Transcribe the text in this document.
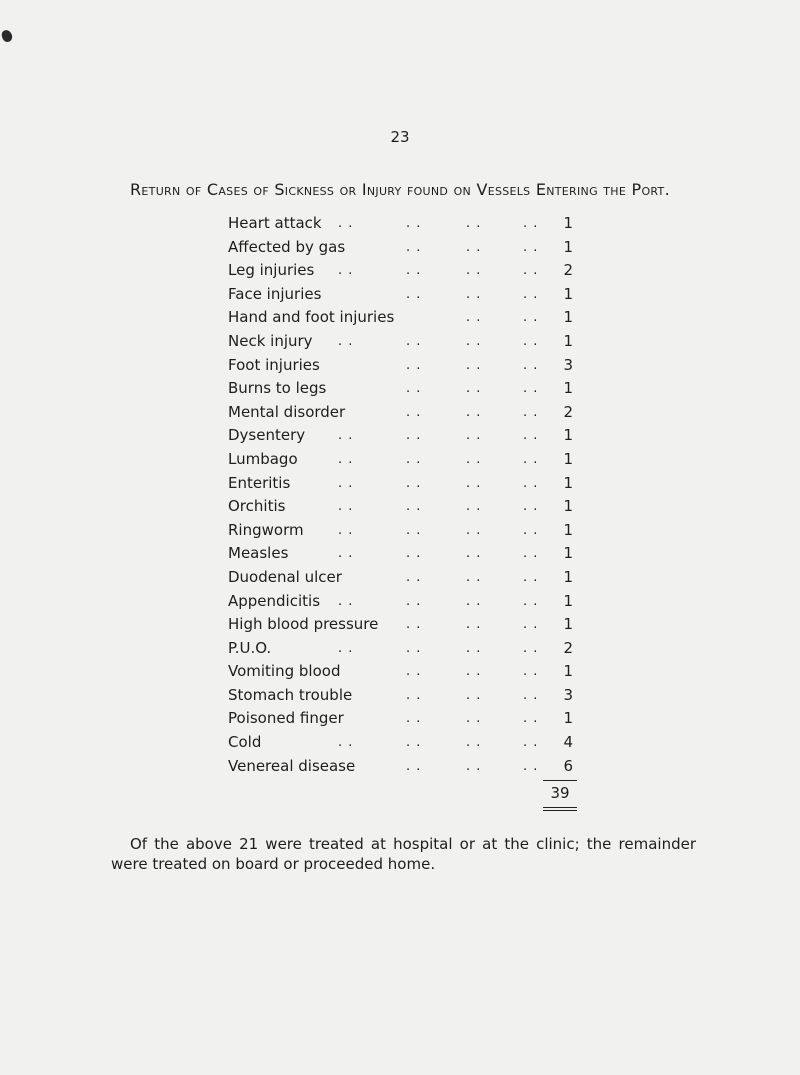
23
Return of Cases of Sickness or Injury found on Vessels Entering the Port.
Heart attack . .	. .	. .	. .	1
Affected by gas	. .	. .	. .	1
Leg injuries . .	. .	. .	. .	2
Face injuries	. .	. .	. .	1
Hand and foot injuries	. .	. .	1
Neck injury . .	. .	. .	. .	1
Foot injuries	. .	. .	. .	3
Burns to legs	. .	. .	. .	1
Mental disorder	. .	. .	. .	2
Dysentery	. .	. .	. .	. .	1
Lumbago	. .	. .	. .	. .	1
Enteritis	. .	. .	. .	. .	1
Orchitis	. .	. .	. .	. .	1
Ringworm	. .	. .	. .	. .	1
Measles	. .	. .	. .	. .	1
Duodenal ulcer	. .	. .	. .	1
Appendicitis . .	. .	. .	. .	1
High blood pressure . .	. .	. .	1
P.U.O.	. .	. .	. .	. .	2
Vomiting blood	. .	. .	. .	1
Stomach trouble	. .	. .	. .	3
Poisoned finger	. .	. .	. .	1
Cold	. .	. .	. .	. .	4
Venereal disease	. .	. .	. .	6
39
Of the above 21 were treated at hospital or at the clinic; the remainder were treated on board or proceeded home.
